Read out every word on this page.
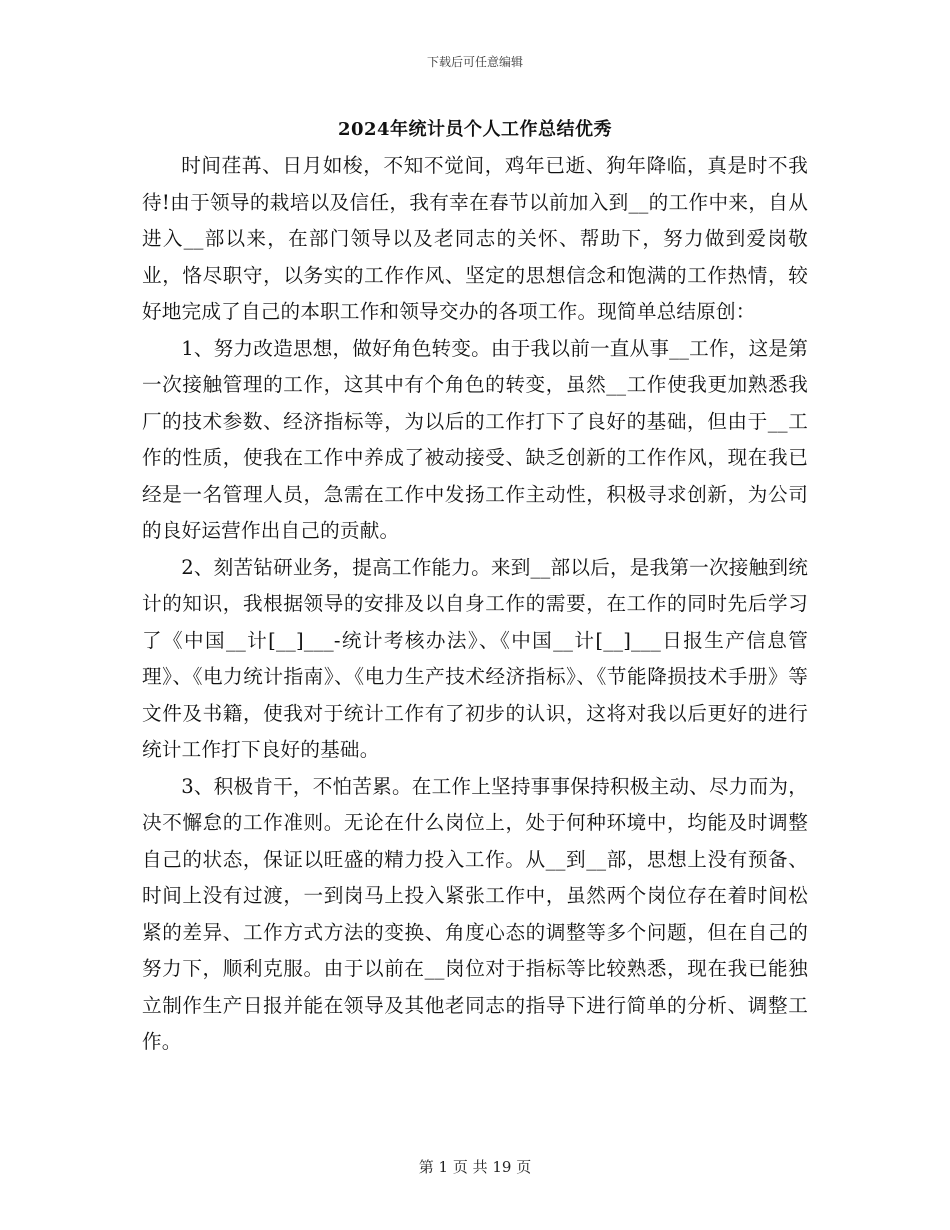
下载后可任意编辑
2024年统计员个人工作总结优秀

时间荏苒、日月如梭，不知不觉间，鸡年已逝、狗年降临，真是时不我待!由于领导的栽培以及信任，我有幸在春节以前加入到__的工作中来，自从进入__部以来，在部门领导以及老同志的关怀、帮助下，努力做到爱岗敬业，恪尽职守，以务实的工作作风、坚定的思想信念和饱满的工作热情，较好地完成了自己的本职工作和领导交办的各项工作。现简单总结原创：

1、努力改造思想，做好角色转变。由于我以前一直从事__工作，这是第一次接触管理的工作，这其中有个角色的转变，虽然__工作使我更加熟悉我厂的技术参数、经济指标等，为以后的工作打下了良好的基础，但由于__工作的性质，使我在工作中养成了被动接受、缺乏创新的工作作风，现在我已经是一名管理人员，急需在工作中发扬工作主动性，积极寻求创新，为公司的良好运营作出自己的贡献。

2、刻苦钻研业务，提高工作能力。来到__部以后，是我第一次接触到统计的知识，我根据领导的安排及以自身工作的需要，在工作的同时先后学习了《中国__计[__]___-统计考核办法》、《中国__计[__]___日报生产信息管理》、《电力统计指南》、《电力生产技术经济指标》、《节能降损技术手册》等文件及书籍，使我对于统计工作有了初步的认识，这将对我以后更好的进行统计工作打下良好的基础。

3、积极肯干，不怕苦累。在工作上坚持事事保持积极主动、尽力而为，决不懈怠的工作准则。无论在什么岗位上，处于何种环境中，均能及时调整自己的状态，保证以旺盛的精力投入工作。从__到__部，思想上没有预备、时间上没有过渡，一到岗马上投入紧张工作中，虽然两个岗位存在着时间松紧的差异、工作方式方法的变换、角度心态的调整等多个问题，但在自己的努力下，顺利克服。由于以前在__岗位对于指标等比较熟悉，现在我已能独立制作生产日报并能在领导及其他老同志的指导下进行简单的分析、调整工作。

第 1 页 共 19 页
